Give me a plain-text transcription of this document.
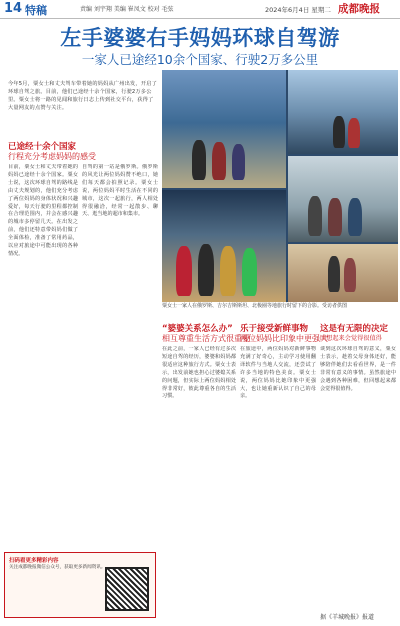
14 特稿	责编 刘宇翔 美编 崔凤文 校对 毛弦	2024年6月4日 星期二 成都晚报
左手婆婆右手妈妈环球自驾游
一家人已途经10余个国家、行驶2万多公里
今年5月，粟女士和丈夫驾车带着她的妈妈从广州出发，开启了环球自驾之旅。目前，他们已途经十余个国家，行驶2万多公里。粟女士将一路的见闻和旅行日志上传到社交平台，获得了大量网友的点赞与关注。
粟女士一家人在俄罗斯、吉尔吉斯斯坦、北极圈等地旅行时留下的合影。受访者供图
已途经十余个国家
行程充分考虑妈妈的感受
目前，粟女士和丈夫带着她的妈妈已途经十余个国家。粟女士说，这次环球自驾的路线是由丈夫规划的，他们充分考虑了两位妈妈的身体状况和兴趣爱好，每天行驶的里程都控制在合理范围内，并会在感兴趣的城市多停留几天。在出发之前，他们还特意带妈妈们做了全面体检，准备了常用药品，以应对旅途中可能出现的各种情况。
自驾的第一站是俄罗斯。俄罗斯的风光让两位妈妈赞不绝口，她们每天都会拍照记录。粟女士说，两位妈妈平时生活在不同的城市，这次一起旅行，两人相处得很融洽，经常一起散步、聊天、逛当地的超市和集市。
“婆婆关系怎么办”
相互尊重生活方式很重要
在此之前，一家人已经有过多次短途自驾的经历，婆婆和妈妈都很适应这种旅行方式。粟女士表示，出发前她也担心过婆媳关系的问题，但实际上两位妈妈相处得非常好，彼此尊重各自的生活习惯。
乐于接受新鲜事物
两位妈妈比印象中更强大
在旅途中，两位妈妈对新鲜事物充满了好奇心，主动学习使用翻译软件与当地人交流，还尝试了许多当地的特色美食。粟女士说，两位妈妈比她印象中更强大，也让她重新认识了自己的母亲。
这是有无限的决定
回想起来会觉得很值得
谈到这次环球自驾的意义，粟女士表示，趁着父母身体还好，能够陪伴她们去看看世界，是一件非常有意义的事情。虽然旅途中会遇到各种困难，但回想起来都会觉得很值得。
扫码看更多精彩内容
关注成都晚报微信公众号，获取更多新闻资讯。
据《羊城晚报》报道
